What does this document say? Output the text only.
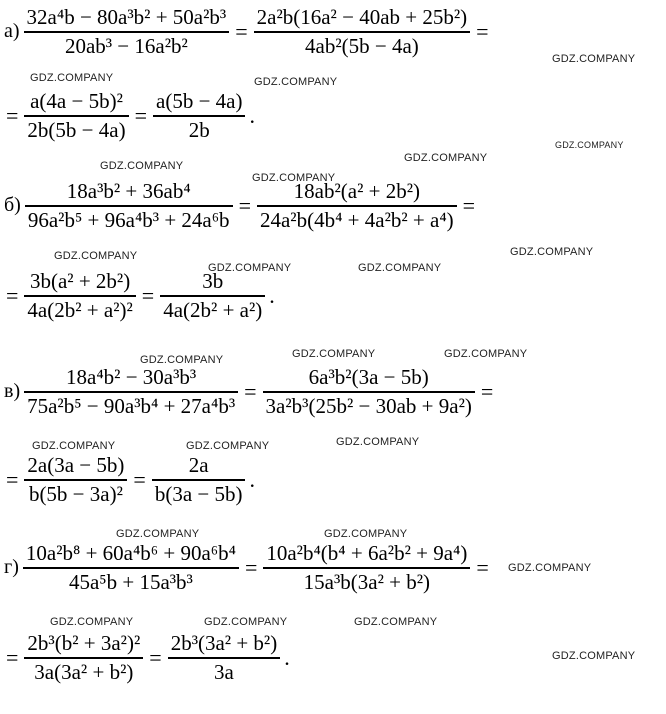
$а) \frac{\text{32a⁴b − 80a³b² + 50a²b³}}{\text{20ab³ − 16a²b²}} = \frac{\text{2a²b(16a² − 40ab + 25b²)}}{\text{4ab²(5b − 4a)}}$ =
= $\frac{\text{a(4a − 5b)²}}{2b(5b - 4a)} = \frac{a(5b - 4a)}{2b}$ .
$б) \frac{\text{18a³b² + 36ab⁴}}{\text{96a²b⁵ + 96a⁴b³ + 24a⁶b}} = \frac{\text{18ab²(a² + 2b²)}}{\text{24a²b(4b⁴ + 4a²b² + a⁴)}}$ =
= $\frac{\text{3b(a² + 2b²)}}{\text{4a(2b² + a²)²}} = \frac{3b}{\text{4a(2b² + a²)}}$ .
$в) \frac{\text{18a⁴b² − 30a³b³}}{\text{75a²b⁵ − 90a³b⁴ + 27a⁴b³}} = \frac{\text{6a³b²(3a − 5b)}}{\text{3a²b³(25b² − 30ab + 9a²)}}$ =
= $\frac{2a(3a - 5b)}{\text{b(5b − 3a)²}} = \frac{2a}{b(3a - 5b)}$ .
$г) \frac{\text{10a²b⁸ + 60a⁴b⁶ + 90a⁶b⁴}}{\text{45a⁵b + 15a³b³}} = \frac{\text{10a²b⁴(b⁴ + 6a²b² + 9a⁴)}}{\text{15a³b(3a² + b²)}}$ =
= $\frac{\text{2b³(b² + 3a²)²}}{\text{3a(3a² + b²)}} = \frac{\text{2b³(3a² + b²)}}{3a}$ .
GDZ.COMPANY	GDZ.COMPANY
GDZ.COMPANY
GDZ.COMPANY
GDZ.COMPANY
GDZ.COMPANY
GDZ.COMPANY
GDZ.COMPANY
GDZ.COMPANY
GDZ.COMPANY	GDZ.COMPANY
GDZ.COMPANY	GDZ.COMPANY	GDZ.COMPANY
GDZ.COMPANY
GDZ.COMPANY	GDZ.COMPANY
GDZ.COMPANY	GDZ.COMPANY
GDZ.COMPANY
GDZ.COMPANY	GDZ.COMPANY	GDZ.COMPANY
GDZ.COMPANY
